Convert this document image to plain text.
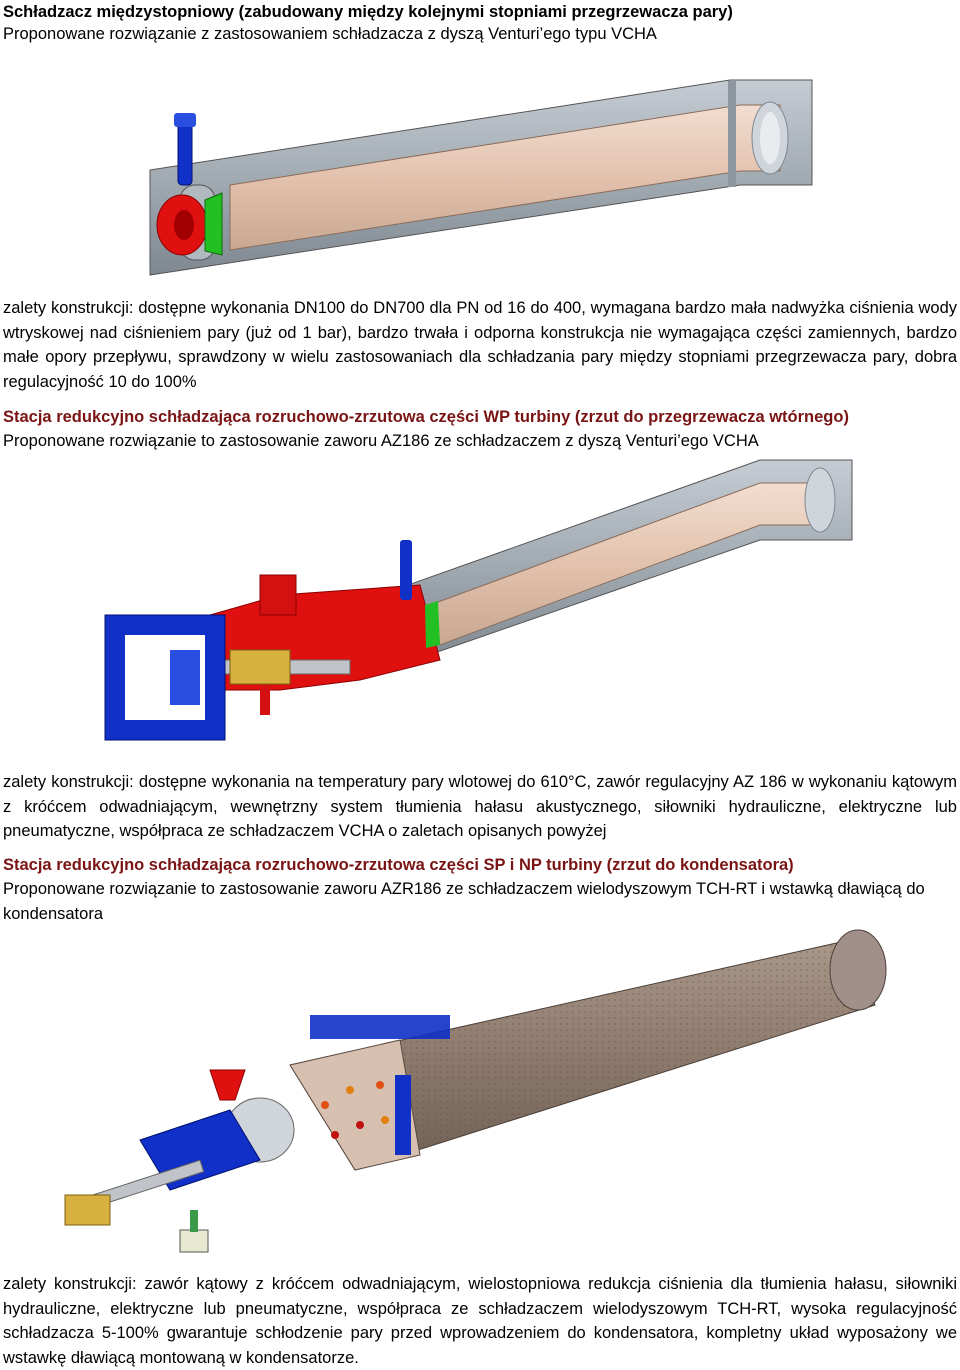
Schładzacz międzystopniowy (zabudowany między kolejnymi stopniami przegrzewacza pary)
Proponowane rozwiązanie z zastosowaniem schładzacza z dyszą Venturi’ego typu VCHA
zalety konstrukcji: dostępne wykonania DN100 do DN700 dla PN od 16 do 400, wymagana bardzo mała nadwyżka ciśnienia wody wtryskowej nad ciśnieniem pary (już od 1 bar), bardzo trwała i odporna konstrukcja nie wymagająca części zamiennych, bardzo małe opory przepływu, sprawdzony w wielu zastosowaniach dla schładzania pary między stopniami przegrzewacza pary, dobra regulacyjność 10 do 100%
Stacja redukcyjno schładzająca rozruchowo-zrzutowa części WP turbiny (zrzut do przegrzewacza wtórnego)
Proponowane rozwiązanie to zastosowanie zaworu AZ186 ze schładzaczem z dyszą Venturi’ego VCHA
zalety konstrukcji: dostępne wykonania na temperatury pary wlotowej do 610°C, zawór regulacyjny AZ 186 w wykonaniu kątowym z króćcem odwadniającym, wewnętrzny system tłumienia hałasu akustycznego, siłowniki hydrauliczne, elektryczne lub pneumatyczne, współpraca ze schładzaczem VCHA o zaletach opisanych powyżej
Stacja redukcyjno schładzająca rozruchowo-zrzutowa części SP i NP turbiny (zrzut do kondensatora)
Proponowane rozwiązanie to zastosowanie zaworu AZR186 ze schładzaczem wielodyszowym TCH-RT i wstawką dławiącą do kondensatora
zalety konstrukcji: zawór kątowy z króćcem odwadniającym, wielostopniowa redukcja ciśnienia dla tłumienia hałasu, siłowniki hydrauliczne, elektryczne lub pneumatyczne, współpraca ze schładzaczem wielodyszowym TCH-RT, wysoka regulacyjność schładzacza 5-100% gwarantuje schłodzenie pary przed wprowadzeniem do kondensatora, kompletny układ wyposażony we wstawkę dławiącą montowaną w kondensatorze.
